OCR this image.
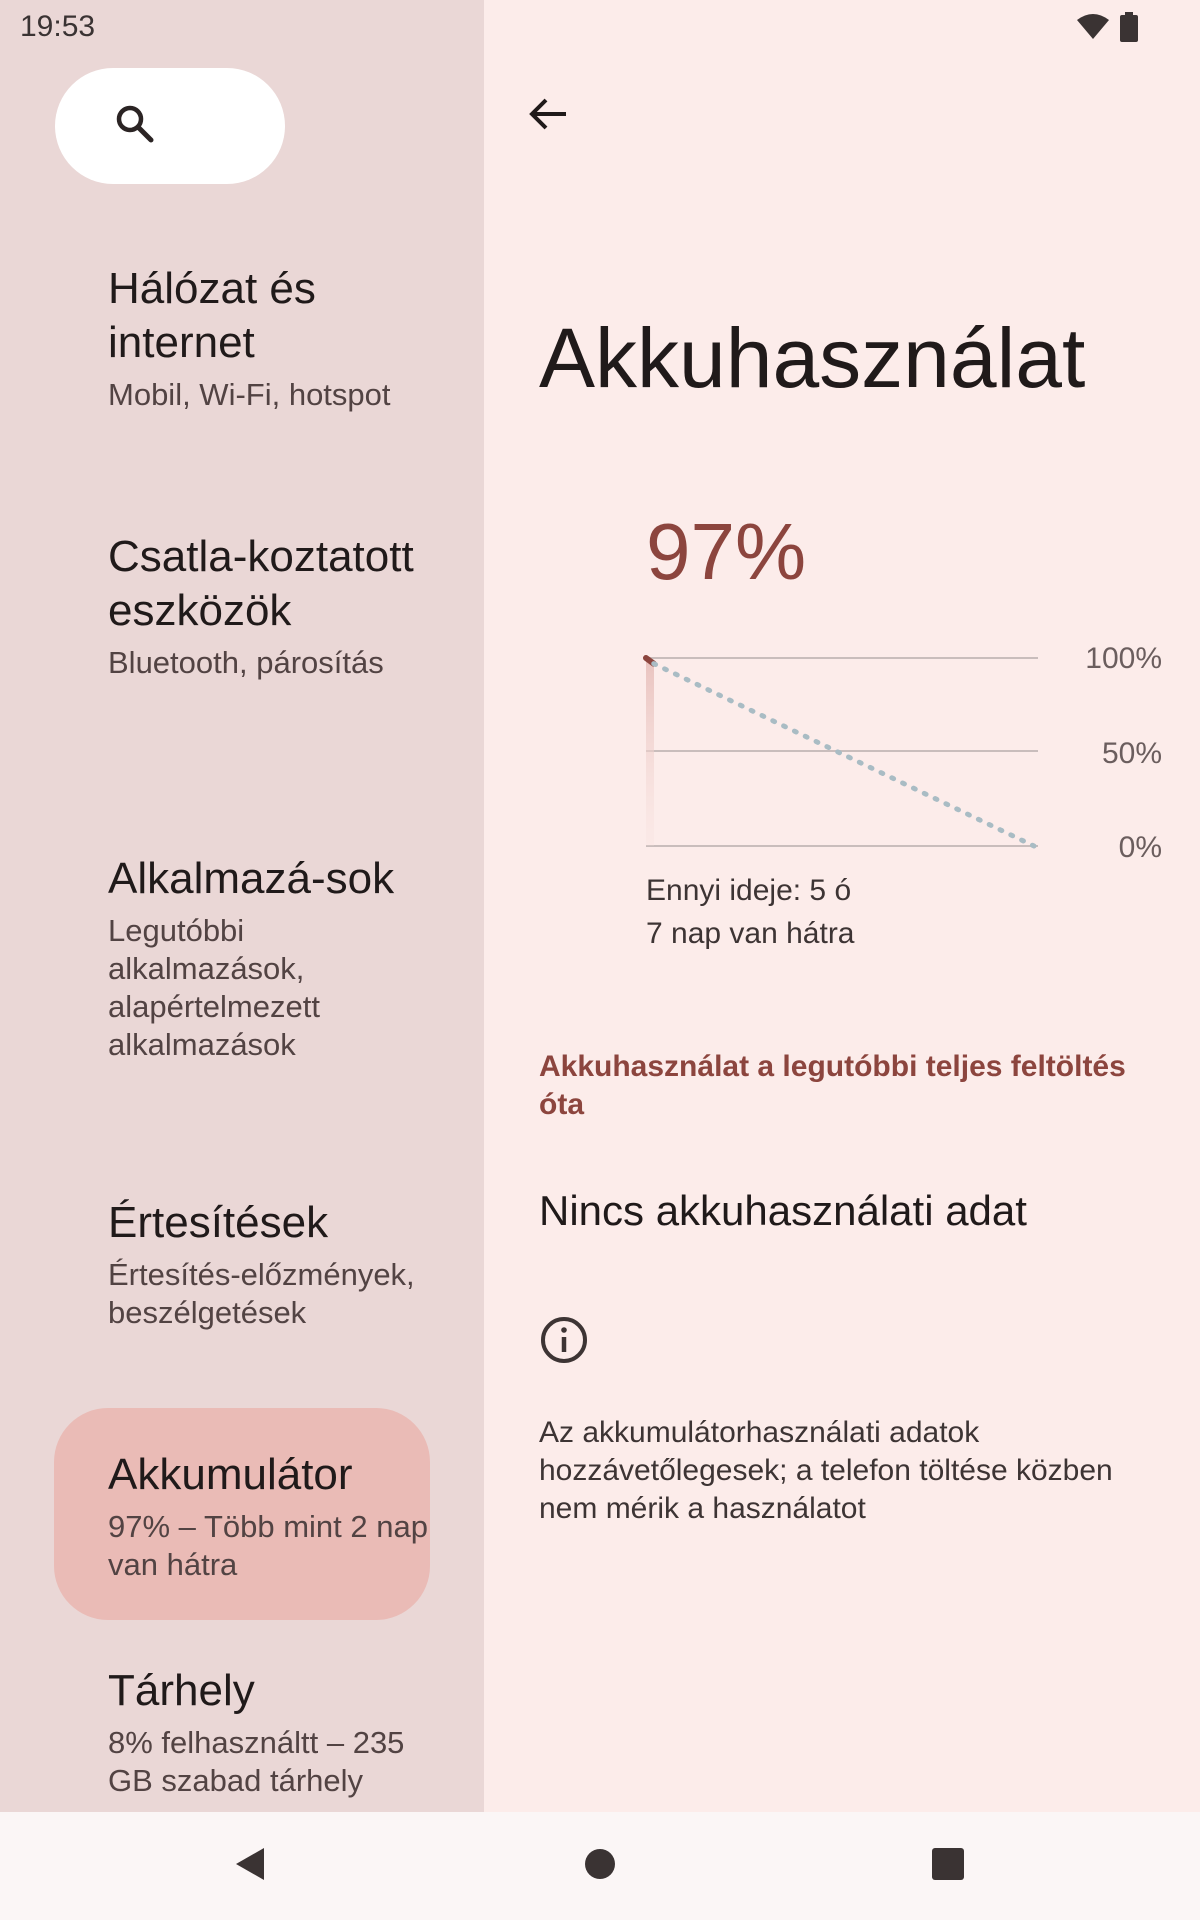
19:53
Hálózat és internet
Mobil, Wi-Fi, hotspot
Csatla-koztatott eszközök
Bluetooth, párosítás
Alkalmazá-sok
Legutóbbi alkalmazások, alapértelmezett alkalmazások
Értesítések
Értesítés-előzmények, beszélgetések
Akkumulátor
97% – Több mint 2 nap van hátra
Tárhely
8% felhasználtt – 235 GB szabad tárhely
Akkuhasználat
97%
100%
50%
0%
Ennyi ideje: 5 ó
7 nap van hátra
Akkuhasználat a legutóbbi teljes feltöltés óta
Nincs akkuhasználati adat
Az akkumulátorhasználati adatok hozzávetőlegesek; a telefon töltése közben nem mérik a használatot
